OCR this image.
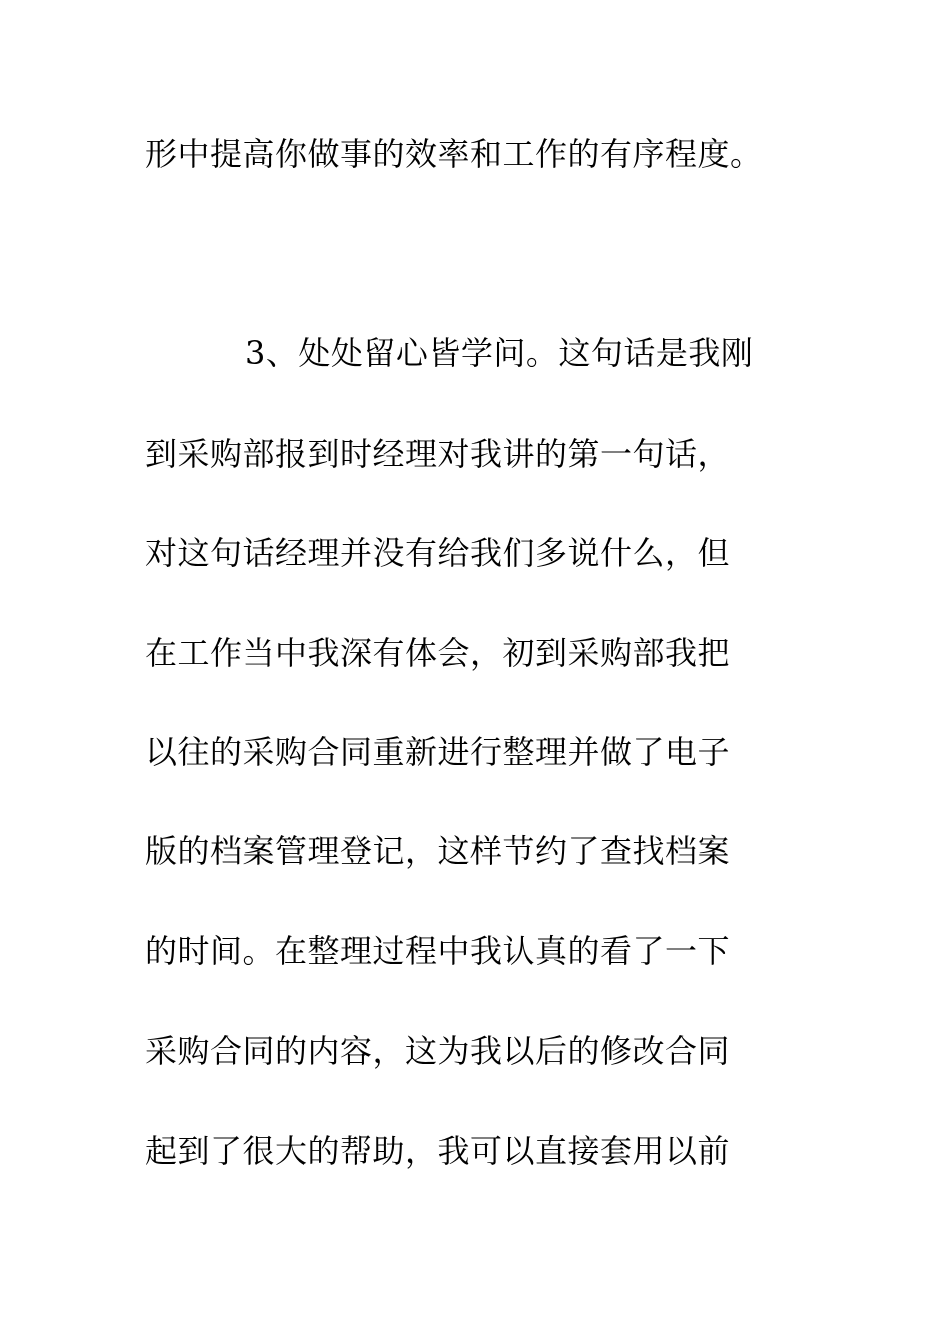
形中提高你做事的效率和工作的有序程度。
3、处处留心皆学问。这句话是我刚
到采购部报到时经理对我讲的第一句话，
对这句话经理并没有给我们多说什么，但
在工作当中我深有体会，初到采购部我把
以往的采购合同重新进行整理并做了电子
版的档案管理登记，这样节约了查找档案
的时间。在整理过程中我认真的看了一下
采购合同的内容，这为我以后的修改合同
起到了很大的帮助，我可以直接套用以前
